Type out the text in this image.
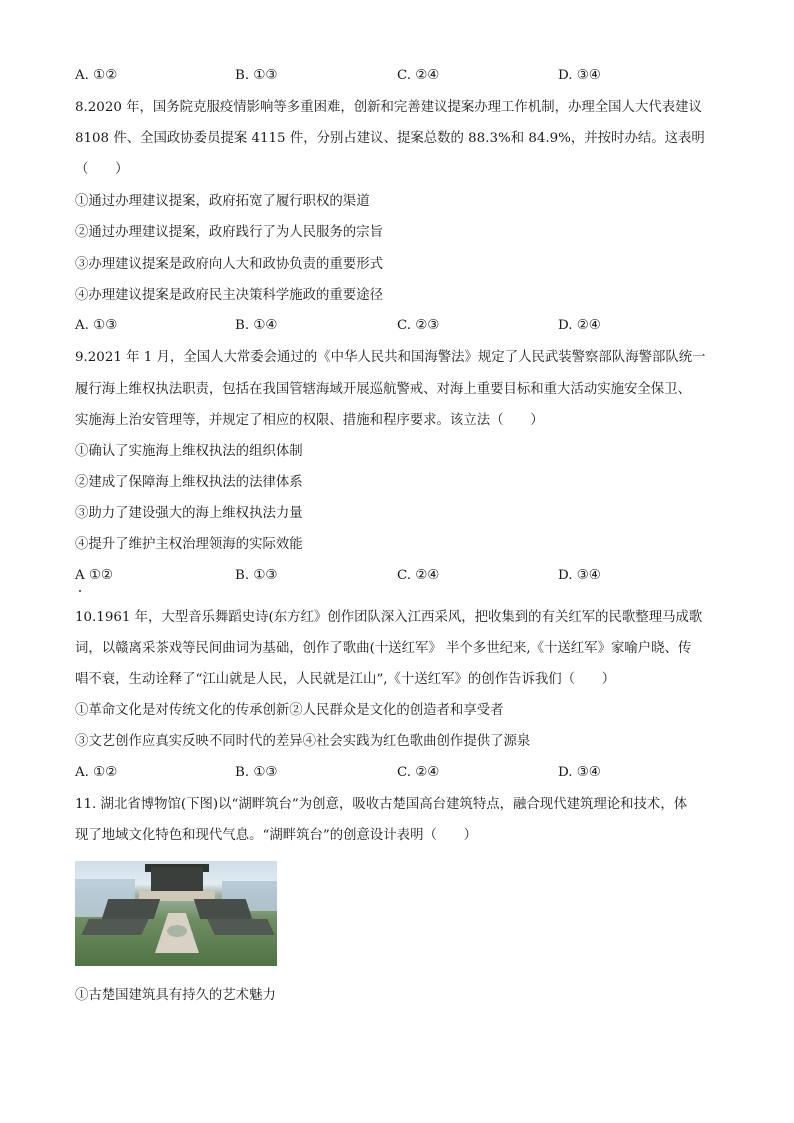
A. ①②	B. ①③	C. ②④	D. ③④
8.2020 年，国务院克服疫情影响等多重困难，创新和完善建议提案办理工作机制，办理全国人大代表建议
8108 件、全国政协委员提案 4115 件，分别占建议、提案总数的 88.3%和 84.9%，并按时办结。这表明
（　　）
①通过办理建议提案，政府拓宽了履行职权的渠道
②通过办理建议提案，政府践行了为人民服务的宗旨
③办理建议提案是政府向人大和政协负责的重要形式
④办理建议提案是政府民主决策科学施政的重要途径
A. ①③	B. ①④	C. ②③	D. ②④
9.2021 年 1 月，全国人大常委会通过的《中华人民共和国海警法》规定了人民武装警察部队海警部队统一
履行海上维权执法职责，包括在我国管辖海域开展巡航警戒、对海上重要目标和重大活动实施安全保卫、
实施海上治安管理等，并规定了相应的权限、措施和程序要求。该立法（　　）
①确认了实施海上维权执法的组织体制
②建成了保障海上维权执法的法律体系
③助力了建设强大的海上维权执法力量
④提升了维护主权治理领海的实际效能
A ①②	B. ①③	C. ②④	D. ③④
10.1961 年，大型音乐舞蹈史诗(东方红》创作团队深入江西采风，把收集到的有关红军的民歌整理马成歌
词，以赣离采茶戏等民间曲词为基础，创作了歌曲(十送红军》 半个多世纪来,《十送红军》家喻户晓、传
唱不衰，生动诠释了“江山就是人民，人民就是江山”,《十送红军》的创作告诉我们（　　）
①革命文化是对传统文化的传承创新②人民群众是文化的创造者和享受者
③文艺创作应真实反映不同时代的差异④社会实践为红色歌曲创作提供了源泉
A. ①②	B. ①③	C. ②④	D. ③④
11. 湖北省博物馆(下图)以“湖畔筑台”为创意，吸收古楚国高台建筑特点，融合现代建筑理论和技术，体
现了地域文化特色和现代气息。“湖畔筑台”的创意设计表明（　　）
①古楚国建筑具有持久的艺术魅力
